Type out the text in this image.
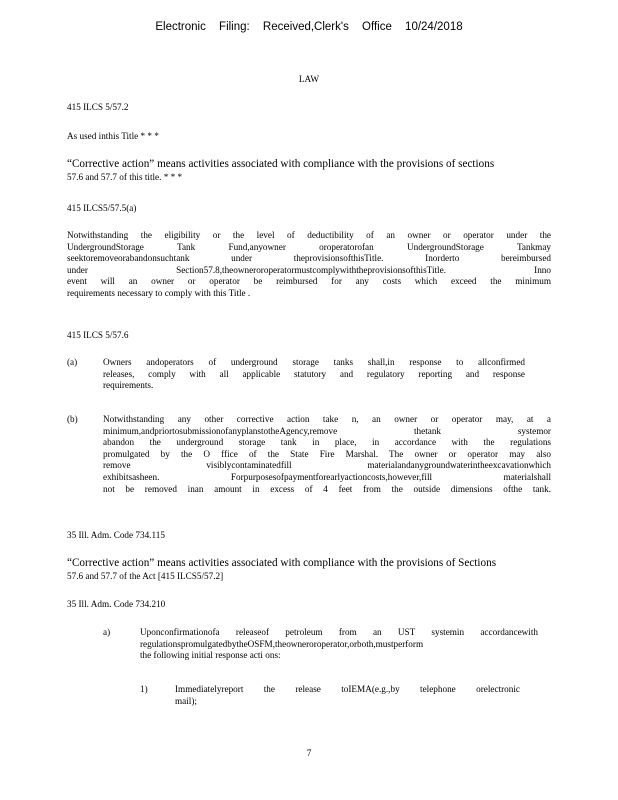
Electronic Filing: Received,Clerk's Office 10/24/2018
LAW
415 ILCS 5/57.2
As used inthis Title * * *
“Corrective action” means activities associated with compliance with the provisions of sections
57.6 and 57.7 of this title. * * *
415 ILCS5/57.5(a)
Notwithstanding the eligibility or the level of deductibility of an owner or operator under the
UndergroundStorage Tank Fund,anyowner oroperatorofan UndergroundStorage Tankmay
seektoremoveorabandonsuchtank under theprovisionsofthisTitle. Inorderto bereimbursed
under Section57.8,theowneroroperatormustcomplywiththeprovisionsofthisTitle. Inno
event will an owner or operator be reimbursed for any costs which exceed the minimum
requirements necessary to comply with this Title .
415 ILCS 5/57.6
(a)	Owners andoperators of underground storage tanks shall,in response to allconfirmed
releases, comply with all applicable statutory and regulatory reporting and response
requirements.
(b)	Notwithstanding any other corrective action take n, an owner or operator may, at a
minimum,andpriortosubmissionofanyplanstotheAgency,remove thetank systemor
abandon the underground storage tank in place, in accordance with the regulations
promulgated by the O ffice of the State Fire Marshal. The owner or operator may also
remove visiblycontaminatedfill materialandanygroundwaterintheexcavationwhich
exhibitsasheen. Forpurposesofpaymentforearlyactioncosts,however,fill materialshall
not be removed inan amount in excess of 4 feet from the outside dimensions ofthe tank.
35 Ill. Adm. Code 734.115
“Corrective action” means activities associated with compliance with the provisions of Sections
57.6 and 57.7 of the Act [415 ILCS5/57.2]
35 Ill. Adm. Code 734.210
a)	Uponconfirmationofa releaseof petroleum from an UST systemin accordancewith
regulationspromulgatedbytheOSFM,theowneroroperator,orboth,mustperform
the following initial response acti ons:
1)	Immediatelyreport the release toIEMA(e.g.,by telephone orelectronic
mail);
7
